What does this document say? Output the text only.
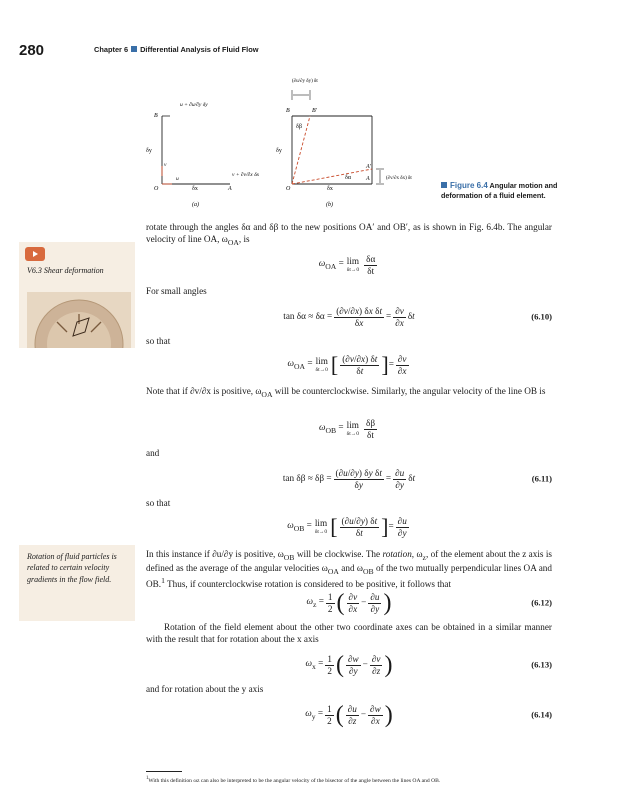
280	Chapter 6 Differential Analysis of Fluid Flow
B
O	A
δy
δx
v
u
u + ∂u/∂y δy
v + ∂v/∂x δx
(a)
B	B′
O
A
A′
δy
δx
δβ
δα
(∂u/∂y δy) δt
(∂v/∂x δx) δt
(b)
Figure 6.4 Angular motion and deformation of a fluid element.
V6.3 Shear deformation
rotate through the angles δα and δβ to the new positions OA′ and OB′, as is shown in Fig. 6.4b. The angular velocity of line OA, $\omega_{OA}$, is
$\omega_{OA} = \lim$
$\delta t\to 0 \frac{\delta\alpha}{\delta t}$
For small angles
$\tan \delta\alpha \approx \delta\alpha = \frac{\text{(∂v/∂x) δx δt}}{\delta x} = \frac{\partial v}{\partial x}$ δt	(6.10)
so that
$\omega_{OA} = \lim$
δt→0 [ $\frac{(\partial v/\partial x) \delta t}{\delta t}$ ] = $\frac{\partial v}{\partial x}$
Note that if ∂v/∂x is positive, $\omega_{OA}$ will be counterclockwise. Similarly, the angular velocity of the line OB is
$\omega_{OB} = \lim$
$\delta t\to 0 \frac{\delta\beta}{\delta t}$
and
$\tan \delta\beta \approx \delta\beta = \frac{\text{(∂u/∂y) δy δt}}{\delta y} = \frac{\partial u}{\partial y}$ δt	(6.11)
so that
$\omega_{OB} = \lim$
δt→0 [ $\frac{(\partial u/\partial y) \delta t}{\delta t}$ ] = $\frac{\partial u}{\partial y}$
Rotation of fluid particles is related to certain velocity gradients in the flow field.
In this instance if ∂u/∂y is positive, $\omega_{OB}$ will be clockwise. The rotation, $\omega_z$, of the element about the z axis is defined as the average of the angular velocities $\omega_{OA}$ and $\omega_{OB}$ of the two mutually perpendicular lines OA and OB.$^1$ Thus, if counterclockwise rotation is considered to be positive, it follows that
$\omega_z = \frac{1}{2}$ ( $\frac{\partial v}{\partial x} - \frac{\partial u}{\partial y}$ )	(6.12)
Rotation of the field element about the other two coordinate axes can be obtained in a similar manner with the result that for rotation about the x axis
$\omega_x = \frac{1}{2}$ ( $\frac{\partial w}{\partial y} - \frac{\partial v}{\partial z}$ )	(6.13)
and for rotation about the y axis
$\omega_y = \frac{1}{2}$ ( $\frac{\partial u}{\partial z} - \frac{\partial w}{\partial x}$ )	(6.14)
$^1$With this definition ωz can also be interpreted to be the angular velocity of the bisector of the angle between the lines OA and OB.
